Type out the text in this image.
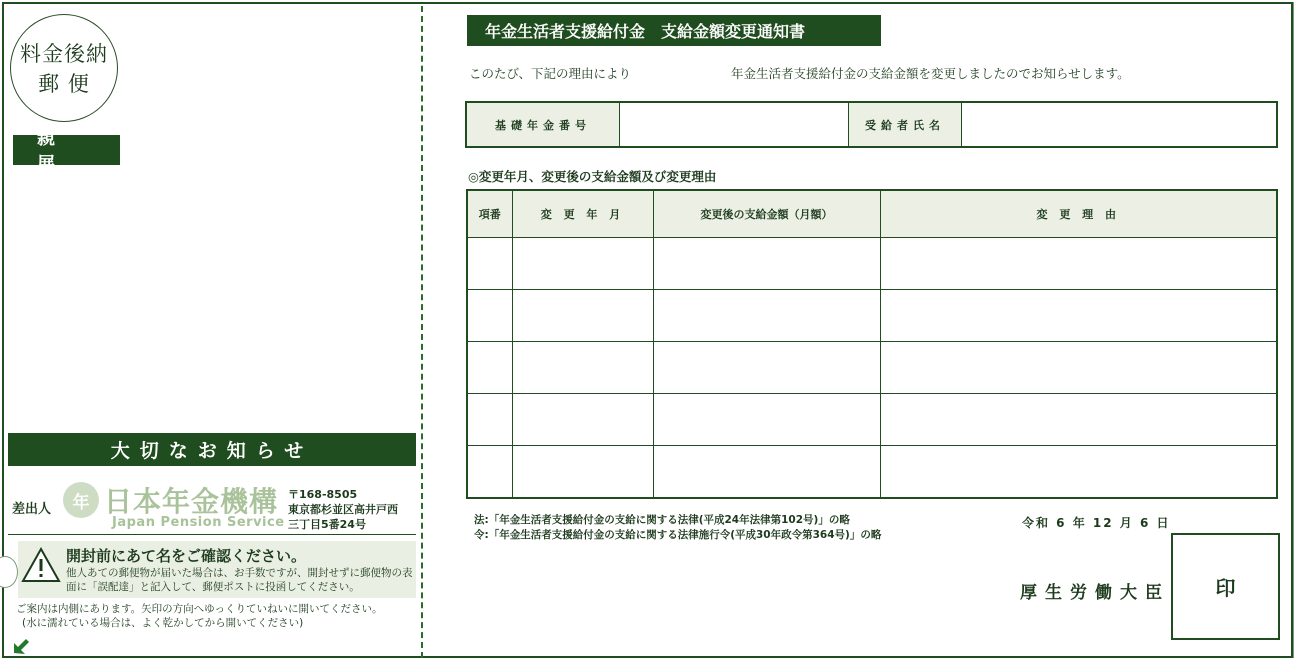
料金後納
郵 便
親展
大切なお知らせ
差出人	年 日本年金機構
Japan Pension Service
〒168-8505
東京都杉並区高井戸西
三丁目5番24号
開封前にあて名をご確認ください。
他人あての郵便物が届いた場合は、お手数ですが、開封せずに郵便物の表面に「誤配達」と記入して、郵便ポストに投函してください。
ご案内は内側にあります。矢印の方向へゆっくりていねいに開いてください。
(水に濡れている場合は、よく乾かしてから開いてください)
年金生活者支援給付金　支給金額変更通知書
このたび、下記の理由により	年金生活者支援給付金の支給金額を変更しましたのでお知らせします。
基礎年金番号	受給者氏名
◎変更年月、変更後の支給金額及び変更理由
項番	変 更 年 月	変更後の支給金額（月額）	変 更 理 由

法:「年金生活者支援給付金の支給に関する法律(平成24年法律第102号)」の略
令:「年金生活者支援給付金の支給に関する法律施行令(平成30年政令第364号)」の略
令和 6 年 12 月 6 日
厚生労働大臣	印
